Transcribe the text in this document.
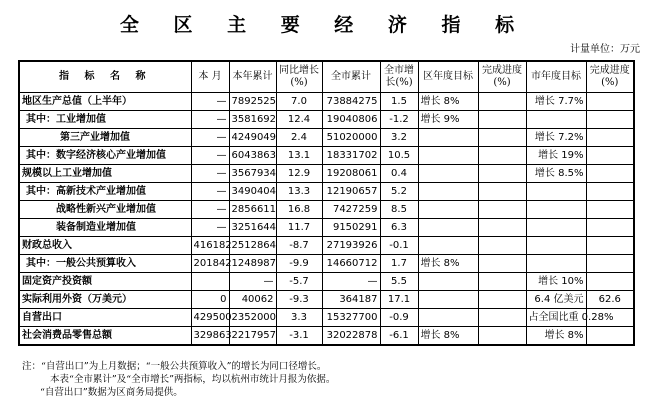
全 区 主 要 经 济 指 标
计量单位：万元
指 标 名 称	本 月	本年累计	同比增长(%)	全市累计	全市增长(%)	区年度目标	完成进度(%)	市年度目标	完成进度(%)
地区生产总值（上半年）	—	7892525	7.0	73884275	1.5	增长 8%		增长 7.7%	
其中：工业增加值	—	3581692	12.4	19040806	-1.2	增长 9%			
第三产业增加值	—	4249049	2.4	51020000	3.2			增长 7.2%	
其中：数字经济核心产业增加值	—	6043863	13.1	18331702	10.5			增长 19%	
规模以上工业增加值	—	3567934	12.9	19208061	0.4			增长 8.5%	
其中：高新技术产业增加值	—	3490404	13.3	12190657	5.2				
战略性新兴产业增加值	—	2856611	16.8	7427259	8.5				
装备制造业增加值	—	3251644	11.7	9150291	6.3				
财政总收入	416182	2512864	-8.7	27193926	-0.1				
其中：一般公共预算收入	201842	1248987	-9.9	14660712	1.7	增长 8%			
固定资产投资额		—	-5.7	—	5.5			增长 10%	
实际利用外资（万美元）	0	40062	-9.3	364187	17.1			6.4 亿美元	62.6
自营出口	429500	2352000	3.3	15327700	-0.9			占全国比重 0.28%	
社会消费品零售总额	329863	2217957	-3.1	32022878	-6.1	增长 8%		增长 8%	
注：“自营出口”为上月数据；“一般公共预算收入”的增长为同口径增长。
本表“全市累计”及“全市增长”两指标，均以杭州市统计月报为依据。
“自营出口”数据为区商务局提供。
